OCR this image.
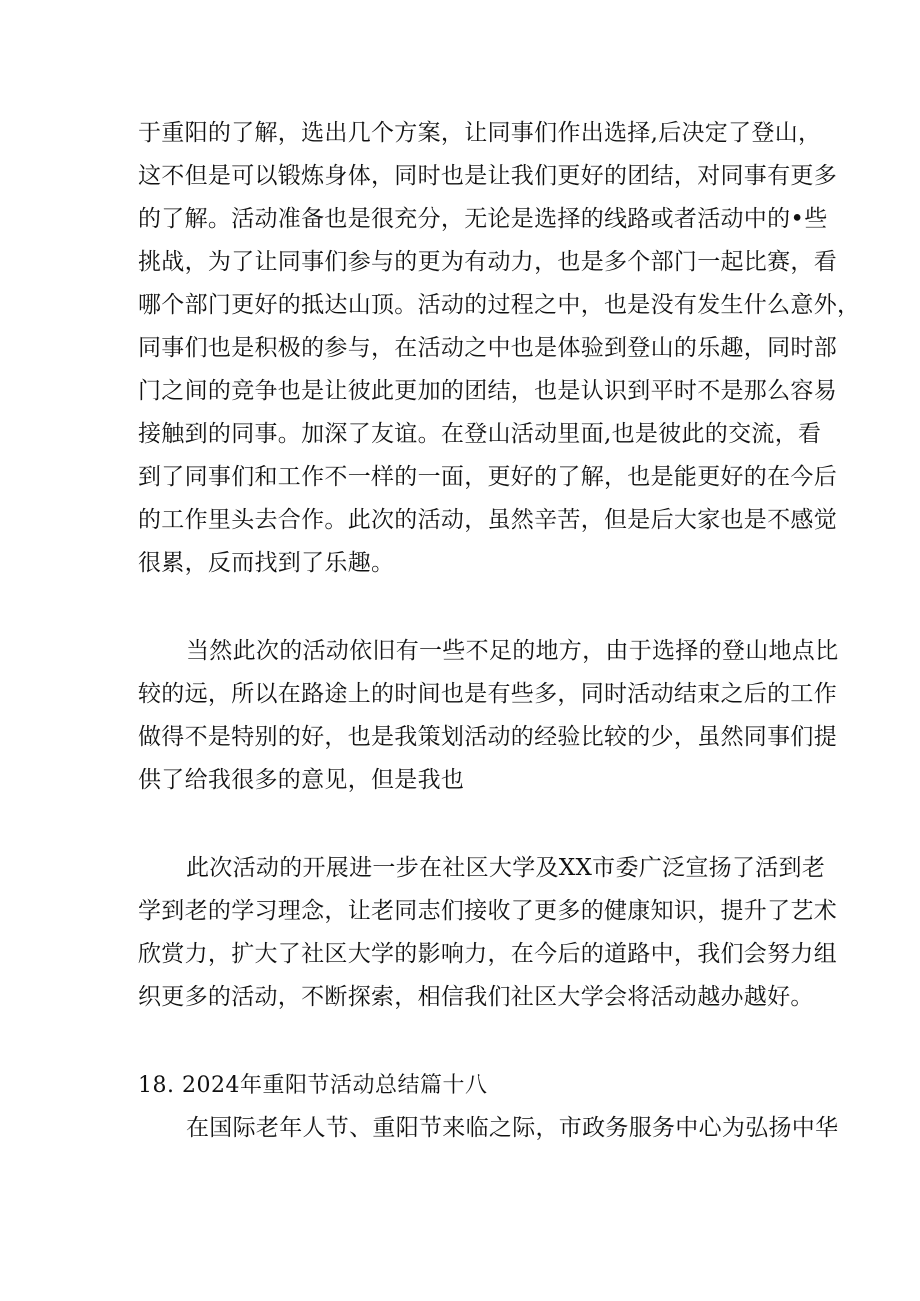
于重阳的了解，选出几个方案，让同事们作出选择,后决定了登山，
这不但是可以锻炼身体，同时也是让我们更好的团结，对同事有更多
的了解。活动准备也是很充分，无论是选择的线路或者活动中的•些
挑战，为了让同事们参与的更为有动力，也是多个部门一起比赛，看
哪个部门更好的抵达山顶。活动的过程之中，也是没有发生什么意外，
同事们也是积极的参与，在活动之中也是体验到登山的乐趣，同时部
门之间的竞争也是让彼此更加的团结，也是认识到平时不是那么容易
接触到的同事。加深了友谊。在登山活动里面,也是彼此的交流，看
到了同事们和工作不一样的一面，更好的了解，也是能更好的在今后
的工作里头去合作。此次的活动，虽然辛苦，但是后大家也是不感觉
很累，反而找到了乐趣。
当然此次的活动依旧有一些不足的地方，由于选择的登山地点比
较的远，所以在路途上的时间也是有些多，同时活动结束之后的工作
做得不是特别的好，也是我策划活动的经验比较的少，虽然同事们提
供了给我很多的意见，但是我也
此次活动的开展进一步在社区大学及XX市委广泛宣扬了活到老
学到老的学习理念，让老同志们接收了更多的健康知识，提升了艺术
欣赏力，扩大了社区大学的影响力，在今后的道路中，我们会努力组
织更多的活动，不断探索，相信我们社区大学会将活动越办越好。
18. 2024年重阳节活动总结篇十八
在国际老年人节、重阳节来临之际，市政务服务中心为弘扬中华
